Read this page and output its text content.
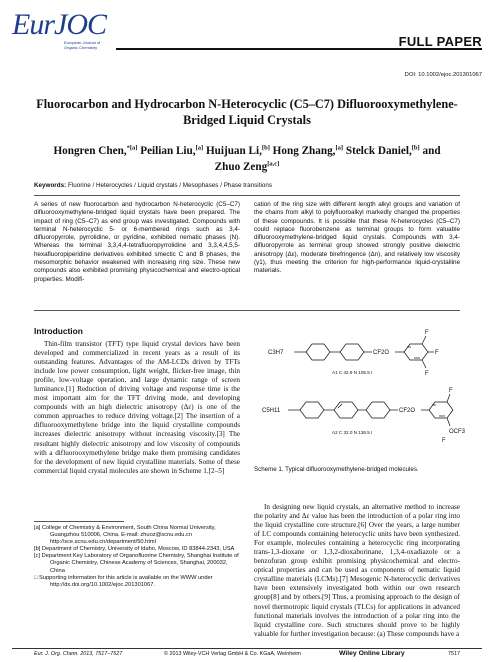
EurJOC
European Journal of Organic Chemistry	FULL PAPER
DOI: 10.1002/ejoc.201301067
Fluorocarbon and Hydrocarbon N-Heterocyclic (C5–C7) Difluorooxymethylene-Bridged Liquid Crystals
Hongren Chen,$^{*[a]}$ Peilian Liu,[a] Huijuan Li,[b] Hong Zhang,[a] Stelck Daniel,[b] and Zhuo Zeng[a,c]
Keywords: Fluorine / Heterocycles / Liquid crystals / Mesophases / Phase transitions
A series of new fluorocarbon and hydrocarbon N-heterocyclic (C5–C7) difluorooxymethylene-bridged liquid crystals have been prepared. The impact of ring (C5–C7) as end group was investigated. Compounds with terminal N-heterocyclic 5- or 6-membered rings such as 3,4-difluoropyrrole, pyrrolidine, or pyridine, exhibited nematic phases (N). Whereas the terminal 3,3,4,4-tetrafluoropyrrolidine and 3,3,4,4,5,5-hexafluoropiperidine derivatives exhibited smectic C and B phases, the mesomorphic behavior weakened with increasing ring size. These new compounds also exhibited promising physicochemical and electro-optical properties. Modifi-
cation of the ring size with different length alkyl groups and variation of the chains from alkyl to polyfluoroalkyl markedly changed the properties of these compounds. It is possible that these N-heterocycles (C5–C7) could replace fluorobenzene as terminal groups to form valuable difluorooxymethylene-bridged liquid crystals. Compounds with 3,4-difluoropyrrole as terminal group showed strongly positive dielectric anisotropy (Δε), moderate birefringence (Δn), and relatively low viscosity (γ1), thus meeting the criterion for high-performance liquid-crystalline materials.
Introduction
Thin-film transistor (TFT) type liquid crystal devices have been developed and commercialized in recent years as a result of its outstanding features. Advantages of the AM-LCDs driven by TFTs include low power consumption, light weight, flicker-free image, thin profile, low-voltage operation, and large dynamic range of screen luminance.[1] Reduction of driving voltage and response time is the most important aim for the TFT driving mode, and developing compounds with an high dielectric anisotropy (Δε) is one of the common approaches to reduce driving voltage.[2] The insertion of a difluorooxymethylene bridge into the liquid crystalline compounds increases dielectric anisotropy without increasing viscosity.[3] The resultant highly dielectric anisotropy and low viscosity of compounds with a difluorooxymethylene bridge make them promising candidates for the development of new liquid crystalline materials. Some of these commercial liquid crystal molecules are shown in Scheme 1.[2–5]
[a] College of Chemistry & Environment, South China Normal University, Guangzhou 510006, China. E-mail: zhuoz@scnu.edu.cn http://sce.scnu.edu.cn/department/50.html
[b] Department of Chemistry, University of Idaho, Moscow, ID 83844-2343, USA
[c] Department Key Laboratory of Organofluorine Chemistry, Shanghai Institute of Organic Chemistry, Chinese Academy of Sciences, Shanghai, 200032, China
□ Supporting information for this article is available on the WWW under http://dx.doi.org/10.1002/ejoc.201301067.
C3H7	CF2O
F
F
F
A1 C 42.9 N 105.5 I
C5H11	CF2O
F
OCF3
F
A2 C 32.0 N 136.5 I
Scheme 1. Typical difluorooxymethylene-bridged molecules.
In designing new liquid crystals, an alternative method to increase the polarity and Δε value has been the introduction of a polar ring into the liquid crystalline core structure.[6] Over the years, a large number of LC compounds containing heterocyclic units have been synthesized. For example, molecules containing a heterocyclic ring incorporating trans-1,3-dioxane or 1,3,2-dioxaborinane, 1,3,4-oxadiazole or a benzofuran group exhibit promising physicochemical and electro-optical properties and can be used as components of nematic liquid crystalline materials (LCMs).[7] Mesogenic N-heterocyclic derivatives have been extensively investigated both within our own research group[8] and by others.[9] Thus, a promising approach to the design of novel thermotropic liquid crystals (TLCs) for applications in advanced functional materials involves the introduction of a polar ring into the liquid crystalline core. Such structures should prove to be highly valuable for further investigation because: (a) These compounds have a
Eur. J. Org. Chem. 2013, 7517–7527	© 2013 Wiley-VCH Verlag GmbH & Co. KGaA, Weinheim	Wiley Online Library	7517
